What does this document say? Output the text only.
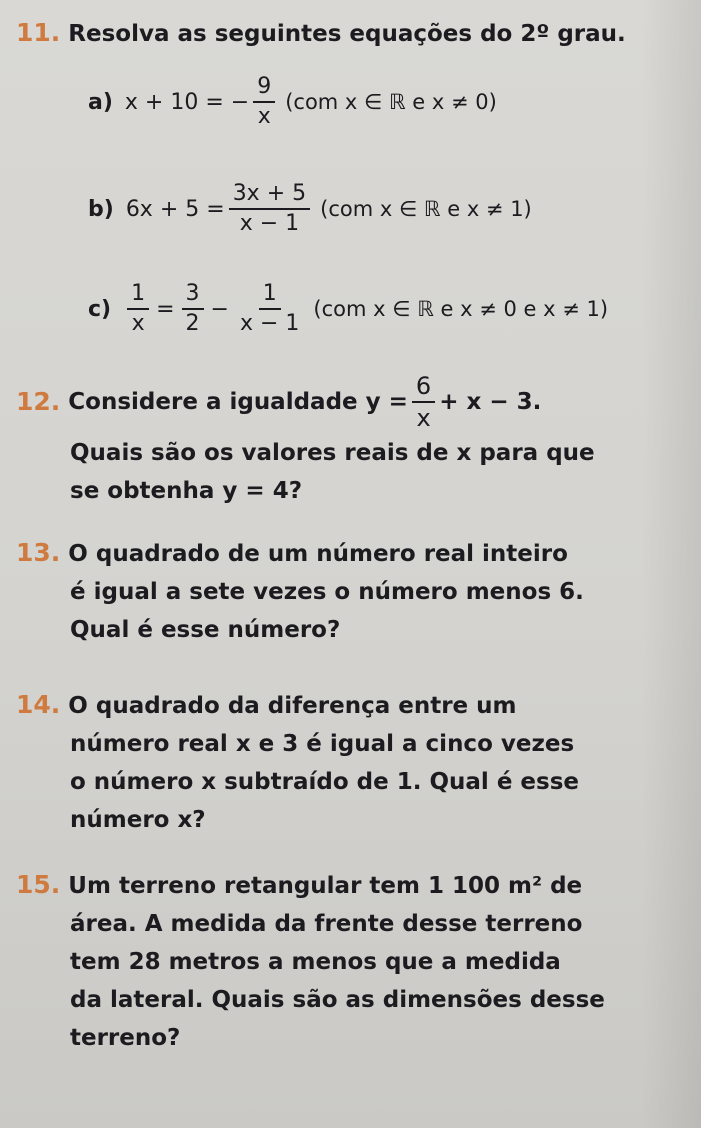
11. Resolva as seguintes equações do 2º grau.
a) x + 10 = − $\frac{9}{x} (com$ x ∈ ℝ e x ≠ 0)
b) $6x + 5 = \frac{3x + 5}{x - 1} (com$ x ∈ ℝ e x ≠ 1)
$c) \frac{1}{x} = \frac{3}{2} - \frac{1}{x - 1} (com$ x ∈ ℝ e x ≠ 0 e x ≠ 1)
12. Considere a igualdade $y = \frac{6}{x} + x - 3$.
Quais são os valores reais de x para que
se obtenha y = 4?
13. O quadrado de um número real inteiro
é igual a sete vezes o número menos 6.
Qual é esse número?
14. O quadrado da diferença entre um
número real x e 3 é igual a cinco vezes
o número x subtraído de 1. Qual é esse
número x?
15. Um terreno retangular tem 1 100 m² de
área. A medida da frente desse terreno
tem 28 metros a menos que a medida
da lateral. Quais são as dimensões desse
terreno?
